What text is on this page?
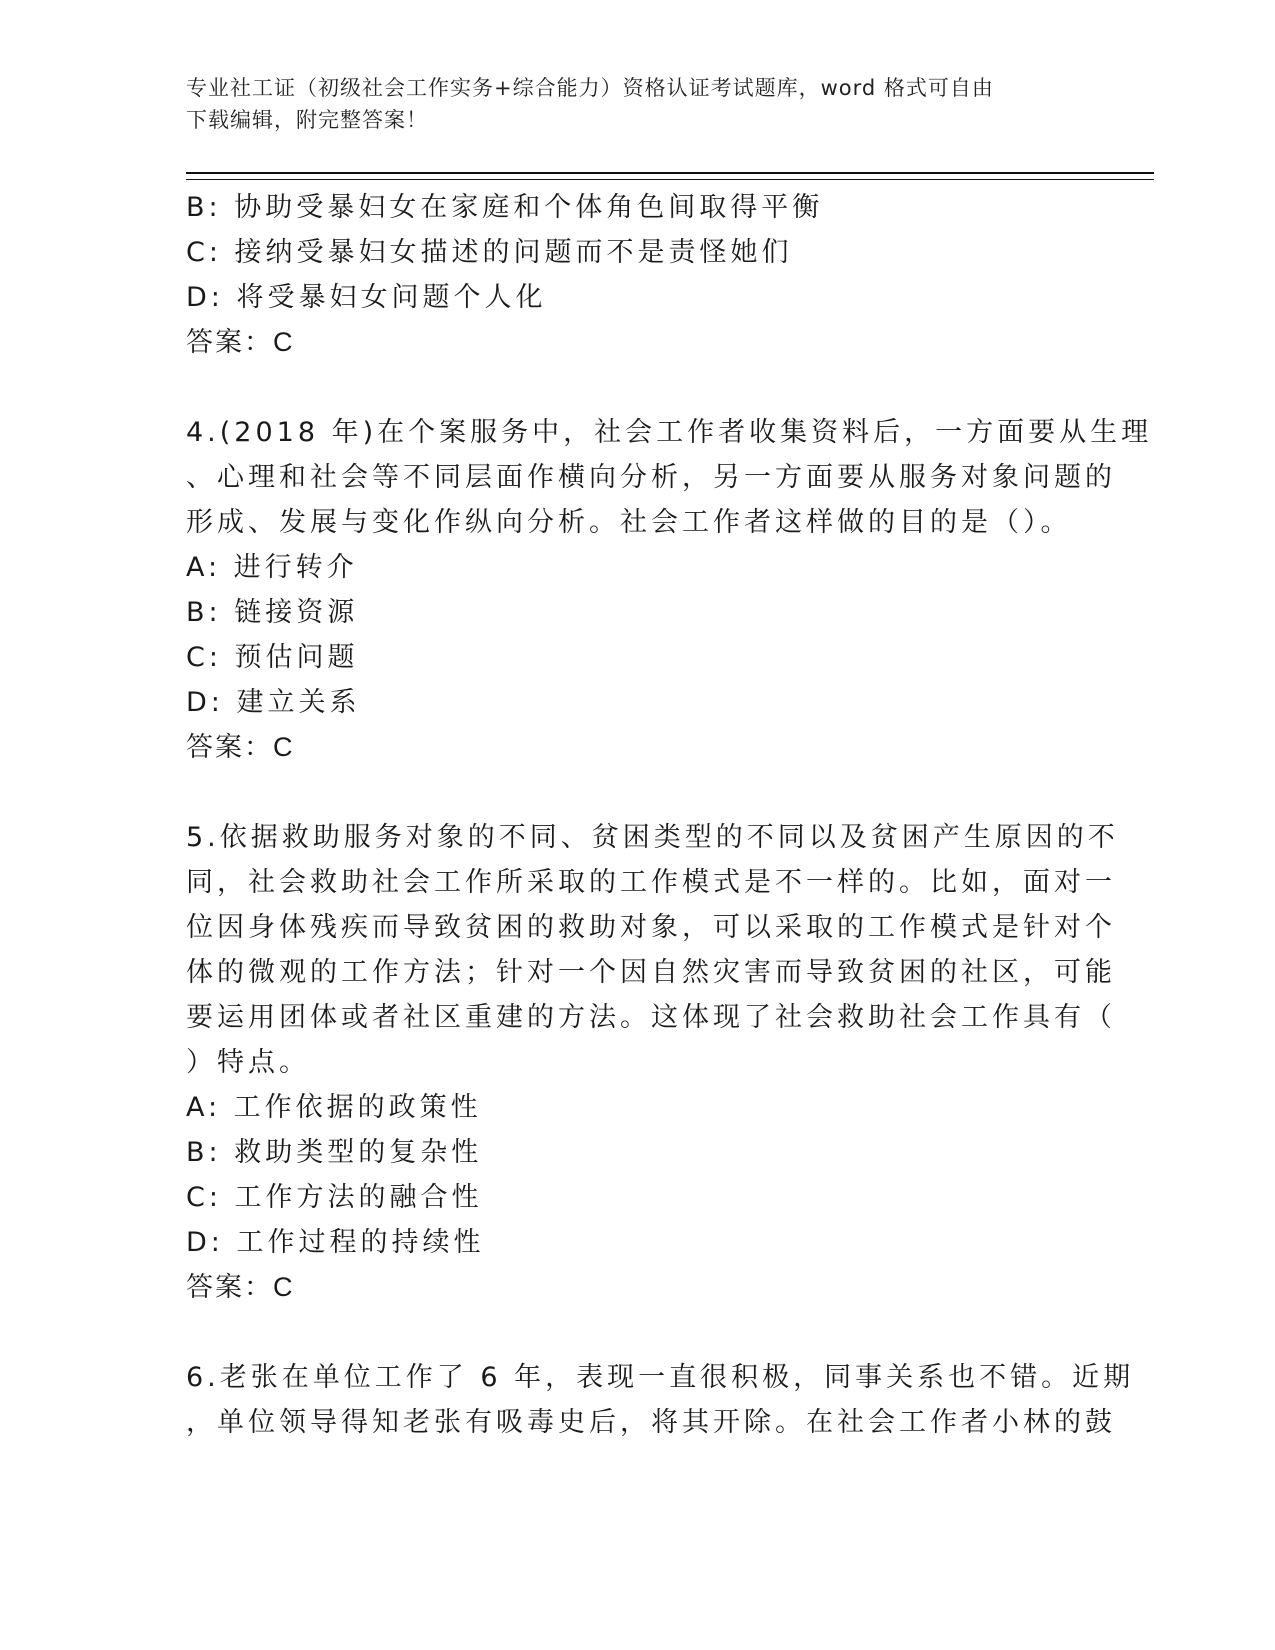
专业社工证（初级社会工作实务+综合能力）资格认证考试题库，word 格式可自由
下载编辑，附完整答案！
B: 协助受暴妇女在家庭和个体角色间取得平衡
C: 接纳受暴妇女描述的问题而不是责怪她们
D: 将受暴妇女问题个人化
答案：C
4.(2018 年)在个案服务中，社会工作者收集资料后，一方面要从生理
、心理和社会等不同层面作横向分析，另一方面要从服务对象问题的
形成、发展与变化作纵向分析。社会工作者这样做的目的是（）。
A: 进行转介
B: 链接资源
C: 预估问题
D: 建立关系
答案：C
5.依据救助服务对象的不同、贫困类型的不同以及贫困产生原因的不
同，社会救助社会工作所采取的工作模式是不一样的。比如，面对一
位因身体残疾而导致贫困的救助对象，可以采取的工作模式是针对个
体的微观的工作方法；针对一个因自然灾害而导致贫困的社区，可能
要运用团体或者社区重建的方法。这体现了社会救助社会工作具有（
）特点。
A: 工作依据的政策性
B: 救助类型的复杂性
C: 工作方法的融合性
D: 工作过程的持续性
答案：C
6.老张在单位工作了 6 年，表现一直很积极，同事关系也不错。近期
，单位领导得知老张有吸毒史后，将其开除。在社会工作者小林的鼓
